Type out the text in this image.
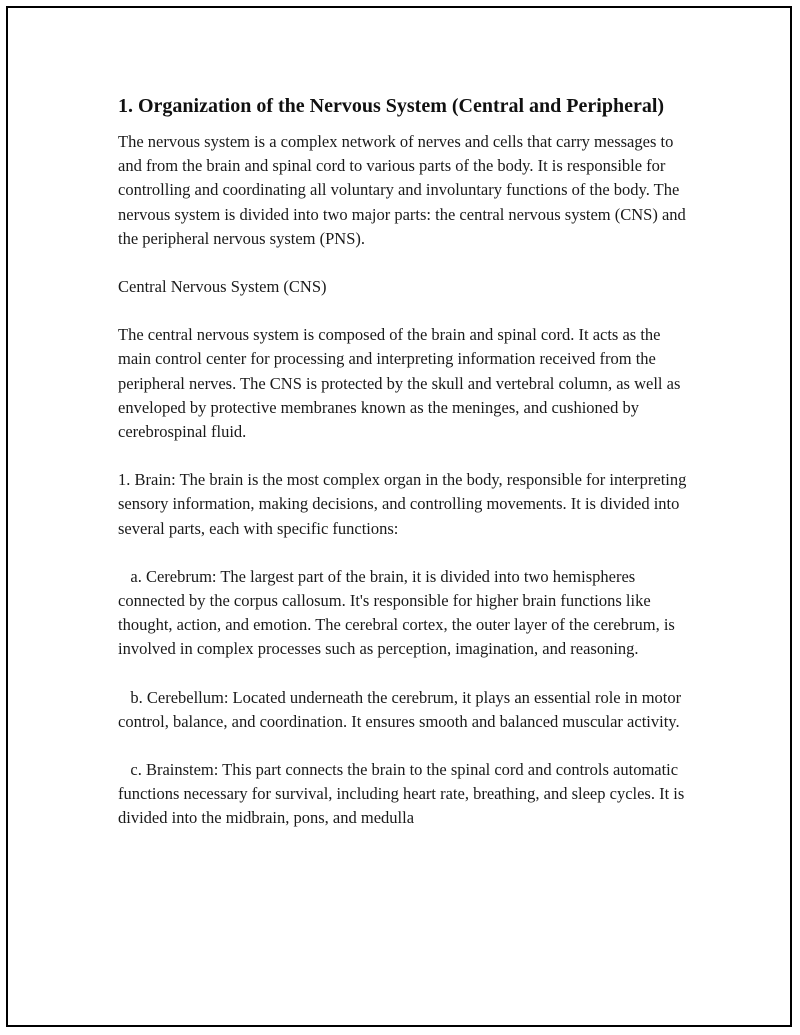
1. Organization of the Nervous System (Central and Peripheral)

The nervous system is a complex network of nerves and cells that carry messages to and from the brain and spinal cord to various parts of the body. It is responsible for controlling and coordinating all voluntary and involuntary functions of the body. The nervous system is divided into two major parts: the central nervous system (CNS) and the peripheral nervous system (PNS).

Central Nervous System (CNS)

The central nervous system is composed of the brain and spinal cord. It acts as the main control center for processing and interpreting information received from the peripheral nerves. The CNS is protected by the skull and vertebral column, as well as enveloped by protective membranes known as the meninges, and cushioned by cerebrospinal fluid.

1. Brain: The brain is the most complex organ in the body, responsible for interpreting sensory information, making decisions, and controlling movements. It is divided into several parts, each with specific functions:

a. Cerebrum: The largest part of the brain, it is divided into two hemispheres connected by the corpus callosum. It's responsible for higher brain functions like thought, action, and emotion. The cerebral cortex, the outer layer of the cerebrum, is involved in complex processes such as perception, imagination, and reasoning.

b. Cerebellum: Located underneath the cerebrum, it plays an essential role in motor control, balance, and coordination. It ensures smooth and balanced muscular activity.

c. Brainstem: This part connects the brain to the spinal cord and controls automatic functions necessary for survival, including heart rate, breathing, and sleep cycles. It is divided into the midbrain, pons, and medulla
